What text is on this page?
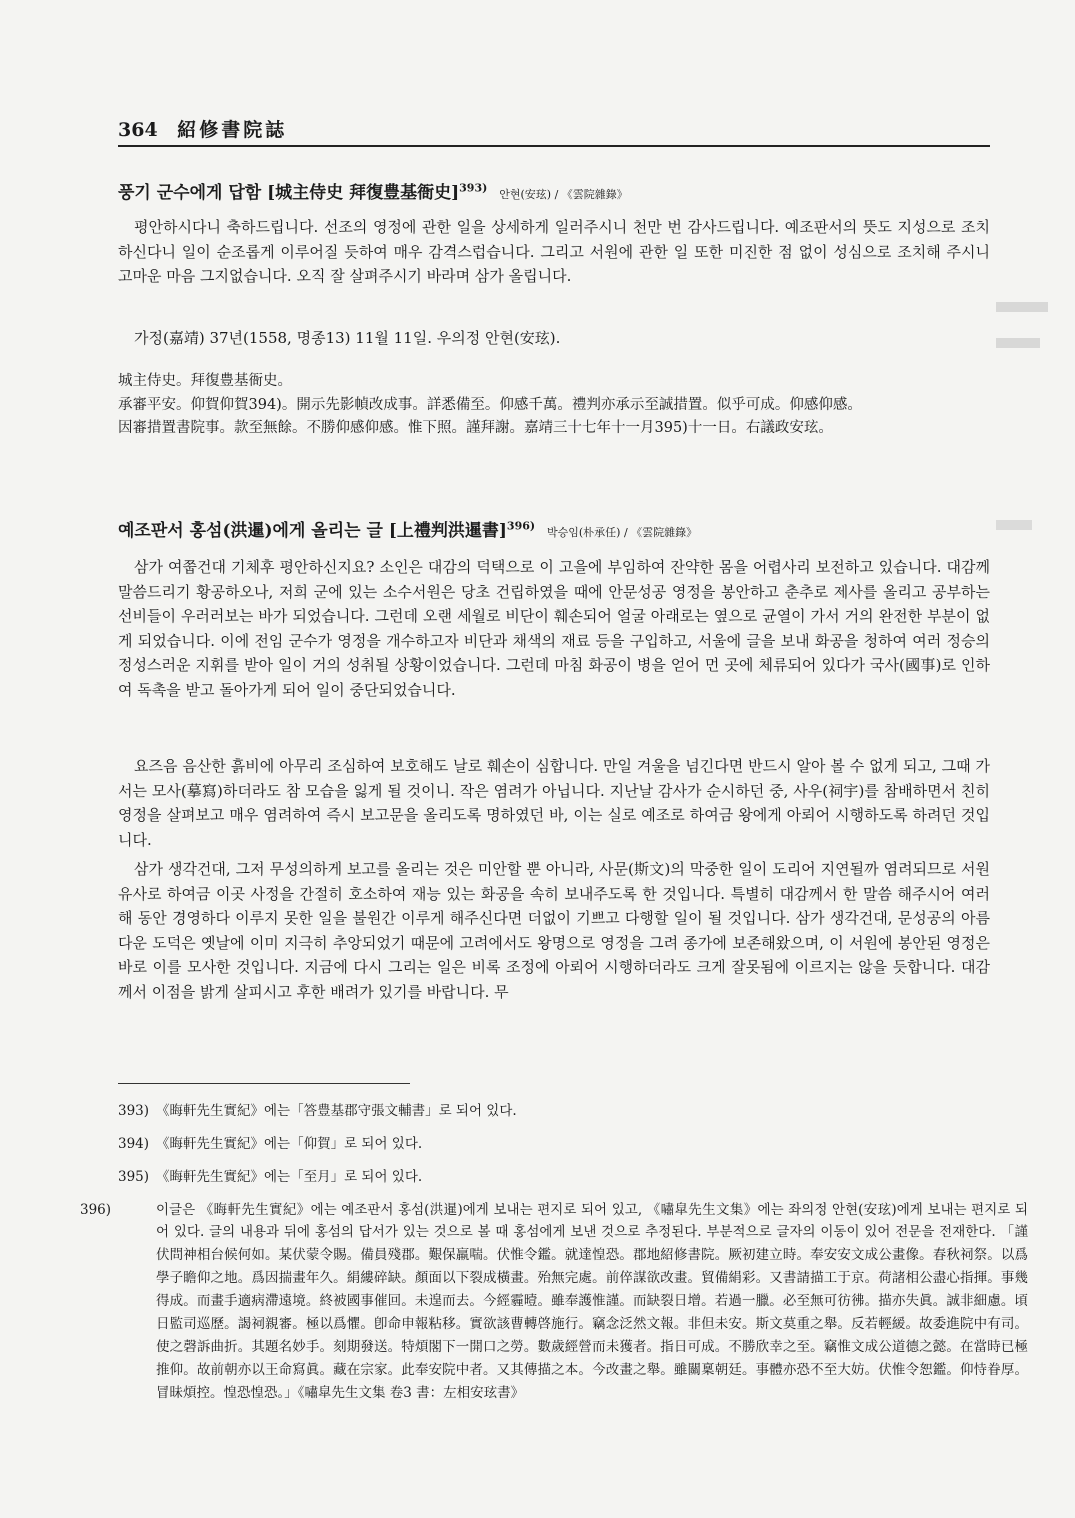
364 紹修書院誌
풍기 군수에게 답함 [城主侍史 拜復豊基衙史]$^{393)}$ 안현(安玹) / 《雲院雜錄》
평안하시다니 축하드립니다. 선조의 영정에 관한 일을 상세하게 일러주시니 천만 번 감사드립니다. 예조판서의 뜻도 지성으로 조치하신다니 일이 순조롭게 이루어질 듯하여 매우 감격스럽습니다. 그리고 서원에 관한 일 또한 미진한 점 없이 성심으로 조치해 주시니 고마운 마음 그지없습니다. 오직 잘 살펴주시기 바라며 삼가 올립니다.
가정(嘉靖) 37년(1558, 명종13) 11월 11일. 우의정 안현(安玹).
城主侍史。拜復豊基衙史。
承審平安。仰賀仰賀394)。開示先影幀改成事。詳悉備至。仰感千萬。禮判亦承示至誠措置。似乎可成。仰感仰感。
因審措置書院事。款至無餘。不勝仰感仰感。惟下照。謹拜謝。嘉靖三十七年十一月395)十一日。右議政安玹。
예조판서 홍섬(洪暹)에게 올리는 글 [上禮判洪暹書]$^{396)}$ 박승임(朴承任) / 《雲院雜錄》
삼가 여쭙건대 기체후 평안하신지요? 소인은 대감의 덕택으로 이 고을에 부임하여 잔약한 몸을 어렵사리 보전하고 있습니다. 대감께 말씀드리기 황공하오나, 저희 군에 있는 소수서원은 당초 건립하였을 때에 안문성공 영정을 봉안하고 춘추로 제사를 올리고 공부하는 선비들이 우러러보는 바가 되었습니다. 그런데 오랜 세월로 비단이 훼손되어 얼굴 아래로는 옆으로 균열이 가서 거의 완전한 부분이 없게 되었습니다. 이에 전임 군수가 영정을 개수하고자 비단과 채색의 재료 등을 구입하고, 서울에 글을 보내 화공을 청하여 여러 정승의 정성스러운 지휘를 받아 일이 거의 성취될 상황이었습니다. 그런데 마침 화공이 병을 얻어 먼 곳에 체류되어 있다가 국사(國事)로 인하여 독촉을 받고 돌아가게 되어 일이 중단되었습니다.
요즈음 음산한 흙비에 아무리 조심하여 보호해도 날로 훼손이 심합니다. 만일 겨울을 넘긴다면 반드시 알아 볼 수 없게 되고, 그때 가서는 모사(摹寫)하더라도 참 모습을 잃게 될 것이니. 작은 염려가 아닙니다. 지난날 감사가 순시하던 중, 사우(祠宇)를 참배하면서 친히 영정을 살펴보고 매우 염려하여 즉시 보고문을 올리도록 명하였던 바, 이는 실로 예조로 하여금 왕에게 아뢰어 시행하도록 하려던 것입니다.
삼가 생각건대, 그저 무성의하게 보고를 올리는 것은 미안할 뿐 아니라, 사문(斯文)의 막중한 일이 도리어 지연될까 염려되므로 서원 유사로 하여금 이곳 사정을 간절히 호소하여 재능 있는 화공을 속히 보내주도록 한 것입니다. 특별히 대감께서 한 말씀 해주시어 여러 해 동안 경영하다 이루지 못한 일을 불원간 이루게 해주신다면 더없이 기쁘고 다행할 일이 될 것입니다. 삼가 생각건대, 문성공의 아름다운 도덕은 옛날에 이미 지극히 추앙되었기 때문에 고려에서도 왕명으로 영정을 그려 종가에 보존해왔으며, 이 서원에 봉안된 영정은 바로 이를 모사한 것입니다. 지금에 다시 그리는 일은 비록 조정에 아뢰어 시행하더라도 크게 잘못됨에 이르지는 않을 듯합니다. 대감께서 이점을 밝게 살피시고 후한 배려가 있기를 바랍니다. 무
393) 《晦軒先生實紀》에는「答豊基郡守張文輔書」로 되어 있다.
394) 《晦軒先生實紀》에는「仰賀」로 되어 있다.
395) 《晦軒先生實紀》에는「至月」로 되어 있다.
396)	이글은 《晦軒先生實紀》에는 예조판서 홍섬(洪暹)에게 보내는 편지로 되어 있고, 《嘯皐先生文集》에는 좌의정 안현(安玹)에게 보내는 편지로 되어 있다. 글의 내용과 뒤에 홍섬의 답서가 있는 것으로 볼 때 홍섬에게 보낸 것으로 추정된다. 부분적으로 글자의 이동이 있어 전문을 전재한다. 「謹伏問神相台候何如。某伏蒙令賜。備員殘郡。艱保羸喘。伏惟令鑑。就達惶恐。郡地紹修書院。厥初建立時。奉安安文成公畫像。春秋祠祭。以爲學子瞻仰之地。爲因揣畫年久。絹縷碎缺。顏面以下裂成橫畫。殆無完處。前倅謀欲改畫。貿備絹彩。又書請描工于京。荷諸相公盡心指揮。事幾得成。而畫手適病滯遠境。終被國事催回。未遑而去。今經霾曀。雖奉護惟謹。而缺裂日增。若過一臘。必至無可彷彿。描亦失眞。誠非細慮。頃日監司巡歷。謁祠親審。極以爲懼。卽命申報粘移。實欲該曹轉啓施行。竊念泛然文報。非但未安。斯文莫重之舉。反若輕緩。故委進院中有司。使之磬訴曲折。其題名妙手。刻期發送。特煩閣下一開口之勞。數歲經營而未獲者。指日可成。不勝欣幸之至。竊惟文成公道德之懿。在當時已極推仰。故前朝亦以王命寫眞。藏在宗家。此奉安院中者。又其傳描之本。今改畫之舉。雖關稟朝廷。事體亦恐不至大妨。伏惟令恕鑑。仰恃眷厚。冒昧煩控。惶恐惶恐。」《嘯皐先生文集 卷3 書：左相安玹書》
